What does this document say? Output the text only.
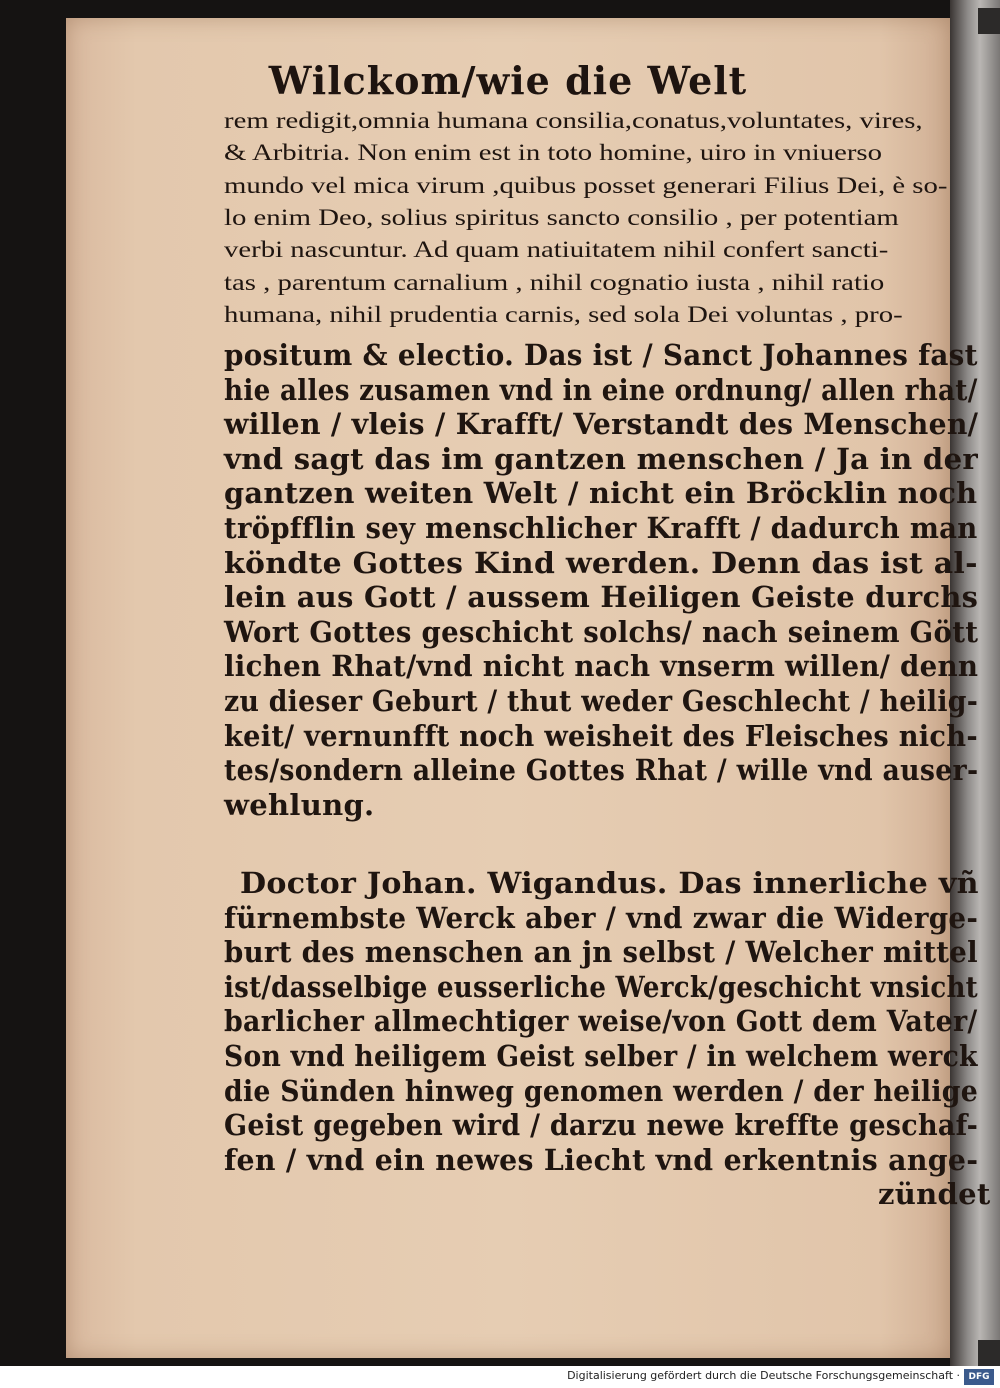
Wilckom/wie die Welt
rem redigit,omnia humana consilia,conatus,voluntates, vires,
& Arbitria. Non enim est in toto homine, uiro in vniuerso
mundo vel mica virum ,quibus posset generari Filius Dei, è so-
lo enim Deo, solius spiritus sancto consilio , per potentiam
verbi nascuntur. Ad quam natiuitatem nihil confert sancti-
tas , parentum carnalium , nihil cognatio iusta , nihil ratio
humana, nihil prudentia carnis, sed sola Dei voluntas , pro-
positum & electio. Das ist / Sanct Johannes fast
hie alles zusamen vnd in eine ordnung/ allen rhat/
willen / vleis / Krafft/ Verstandt des Menschen/
vnd sagt das im gantzen menschen / Ja in der
gantzen weiten Welt / nicht ein Bröcklin noch
tröpfflin sey menschlicher Krafft / dadurch man
köndte Gottes Kind werden. Denn das ist al-
lein aus Gott / aussem Heiligen Geiste durchs
Wort Gottes geschicht solchs/ nach seinem Gött
lichen Rhat/vnd nicht nach vnserm willen/ denn
zu dieser Geburt / thut weder Geschlecht / heilig-
keit/ vernunfft noch weisheit des Fleisches nich-
tes/sondern alleine Gottes Rhat / wille vnd auser-
wehlung.
Doctor Johan. Wigandus. Das innerliche vñ
fürnembste Werck aber / vnd zwar die Widerge-
burt des menschen an jn selbst / Welcher mittel
ist/dasselbige eusserliche Werck/geschicht vnsicht
barlicher allmechtiger weise/von Gott dem Vater/
Son vnd heiligem Geist selber / in welchem werck
die Sünden hinweg genomen werden / der heilige
Geist gegeben wird / darzu newe kreffte geschaf-
fen / vnd ein newes Liecht vnd erkentnis ange-
zündet
Digitalisierung gefördert durch die Deutsche Forschungsgemeinschaft · DFG
